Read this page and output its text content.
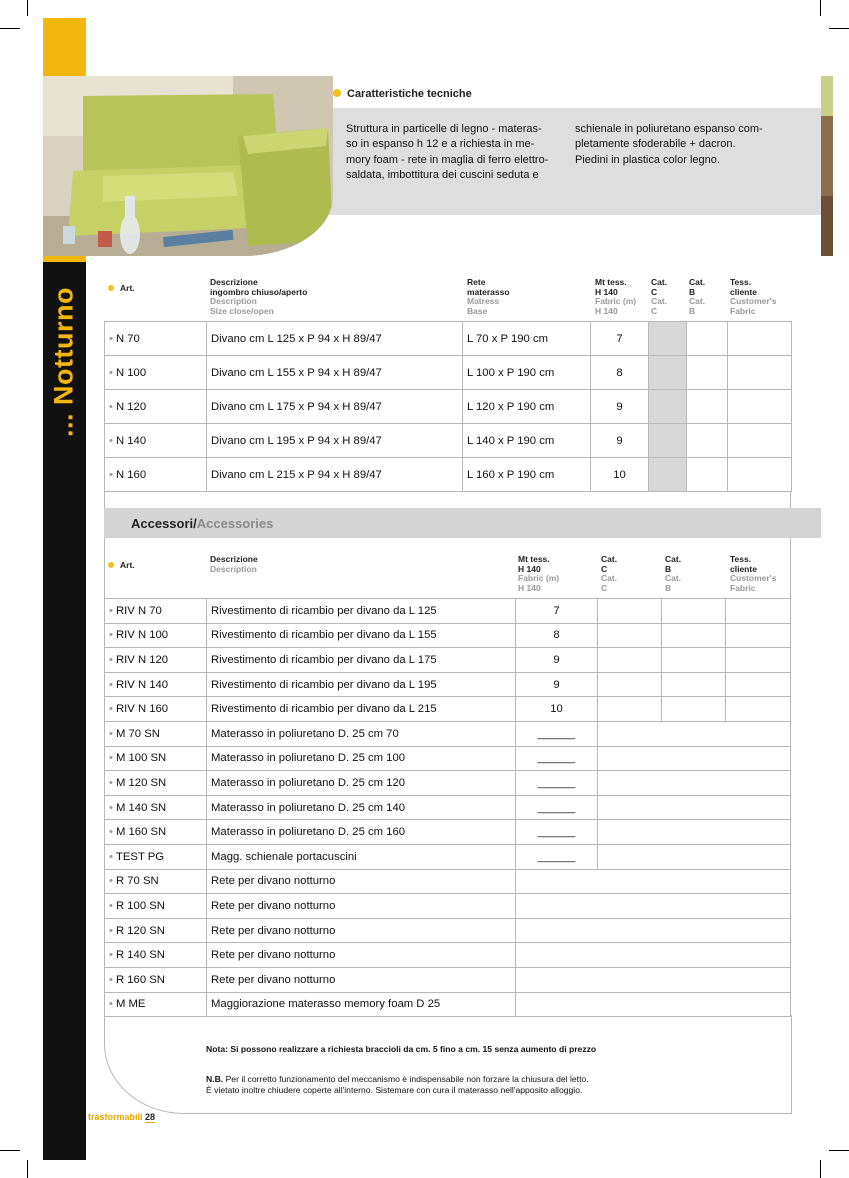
... Notturno
Caratteristiche tecniche
Struttura in particelle di legno - materas-
so in espanso h 12 e a richiesta in me-
mory foam - rete in maglia di ferro elettro-
saldata, imbottitura dei cuscini seduta e
schienale in poliuretano espanso com-
pletamente sfoderabile + dacron.
Piedini in plastica color legno.
Art.
Descrizione
ingombro chiuso/aperto
Description
Size close/open
Rete
materasso
Matress
Base
Mt tess.
H 140
Fabric (m)
H 140
Cat.
C
Cat.
C
Cat.
B
Cat.
B
Tess.
cliente
Customer's
Fabric
• N 70	Divano cm L 125 x P 94 x H 89/47	L 70 x P 190 cm	7			
• N 100	Divano cm L 155 x P 94 x H 89/47	L 100 x P 190 cm	8			
• N 120	Divano cm L 175 x P 94 x H 89/47	L 120 x P 190 cm	9			
• N 140	Divano cm L 195 x P 94 x H 89/47	L 140 x P 190 cm	9			
• N 160	Divano cm L 215 x P 94 x H 89/47	L 160 x P 190 cm	10			
Accessori/Accessories
Art.
Descrizione
Description
Mt tess.
H 140
Fabric (m)
H 140
Cat.
C
Cat.
C
Cat.
B
Cat.
B
Tess.
cliente
Customer's
Fabric
• RIV N 70	Rivestimento di ricambio per divano da L 125	7			
• RIV N 100	Rivestimento di ricambio per divano da L 155	8			
• RIV N 120	Rivestimento di ricambio per divano da L 175	9			
• RIV N 140	Rivestimento di ricambio per divano da L 195	9			
• RIV N 160	Rivestimento di ricambio per divano da L 215	10			
• M 70 SN	Materasso in poliuretano D. 25 cm 70	______			
• M 100 SN	Materasso in poliuretano D. 25 cm 100	______			
• M 120 SN	Materasso in poliuretano D. 25 cm 120	______			
• M 140 SN	Materasso in poliuretano D. 25 cm 140	______			
• M 160 SN	Materasso in poliuretano D. 25 cm 160	______			
• TEST PG	Magg. schienale portacuscini	______			
• R 70 SN	Rete per divano notturno				
• R 100 SN	Rete per divano notturno				
• R 120 SN	Rete per divano notturno				
• R 140 SN	Rete per divano notturno				
• R 160 SN	Rete per divano notturno				
• M ME	Maggiorazione materasso memory foam D 25				
Nota: Si possono realizzare a richiesta braccioli da cm. 5 fino a cm. 15 senza aumento di prezzo
N.B. Per il corretto funzionamento del meccanismo è indispensabile non forzare la chiusura del letto.
È vietato inoltre chiudere coperte all'interno. Sistemare con cura il materasso nell'apposito alloggio.
trasformabili 28
